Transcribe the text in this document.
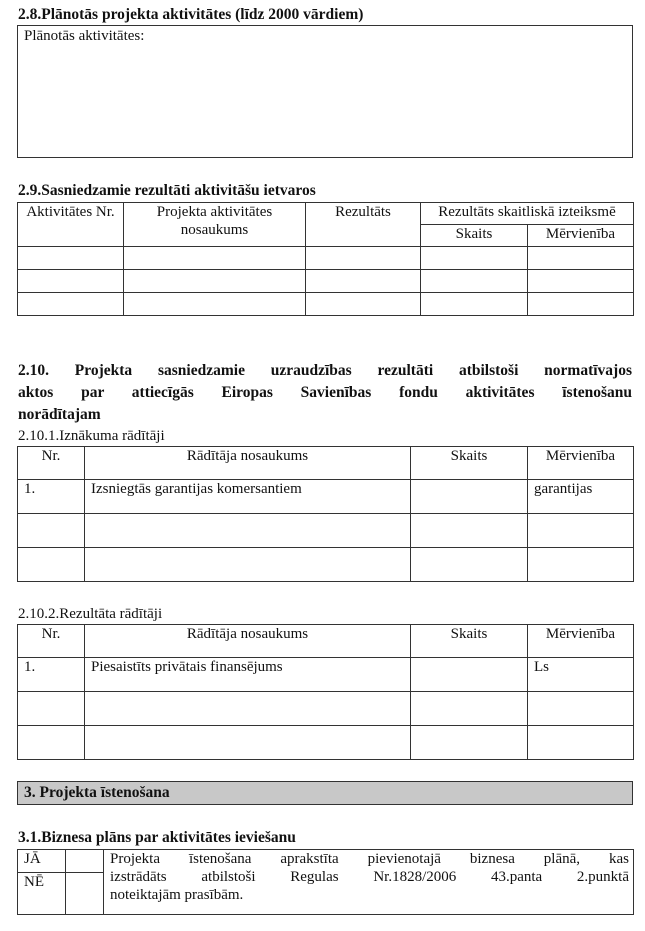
2.8.Plānotās projekta aktivitātes (līdz 2000 vārdiem)
Plānotās aktivitātes:
2.9.Sasniedzamie rezultāti aktivitāšu ietvaros
Aktivitātes Nr.	Projekta aktivitātes nosaukums	Rezultāts	Rezultāts skaitliskā izteiksmē	
			Skaits	Mērvienība

2.10. Projekta sasniedzamie uzraudzības rezultāti atbilstoši normatīvajos
aktos par attiecīgās Eiropas Savienības fondu aktivitātes īstenošanu
norādītajam
2.10.1.Iznākuma rādītāji
Nr.	Rādītāja nosaukums	Skaits	Mērvienība
1.	Izsniegtās garantijas komersantiem		garantijas

2.10.2.Rezultāta rādītāji
Nr.	Rādītāja nosaukums	Skaits	Mērvienība
1.	Piesaistīts privātais finansējums		Ls

3. Projekta īstenošana
3.1.Biznesa plāns par aktivitātes ieviešanu
JĀ		Projekta īstenošana aprakstīta pievienotajā biznesa plānā, kas
izstrādāts atbilstoši Regulas Nr.1828/2006 43.panta 2.punktā
noteiktajām prasībām.

NĒ		
